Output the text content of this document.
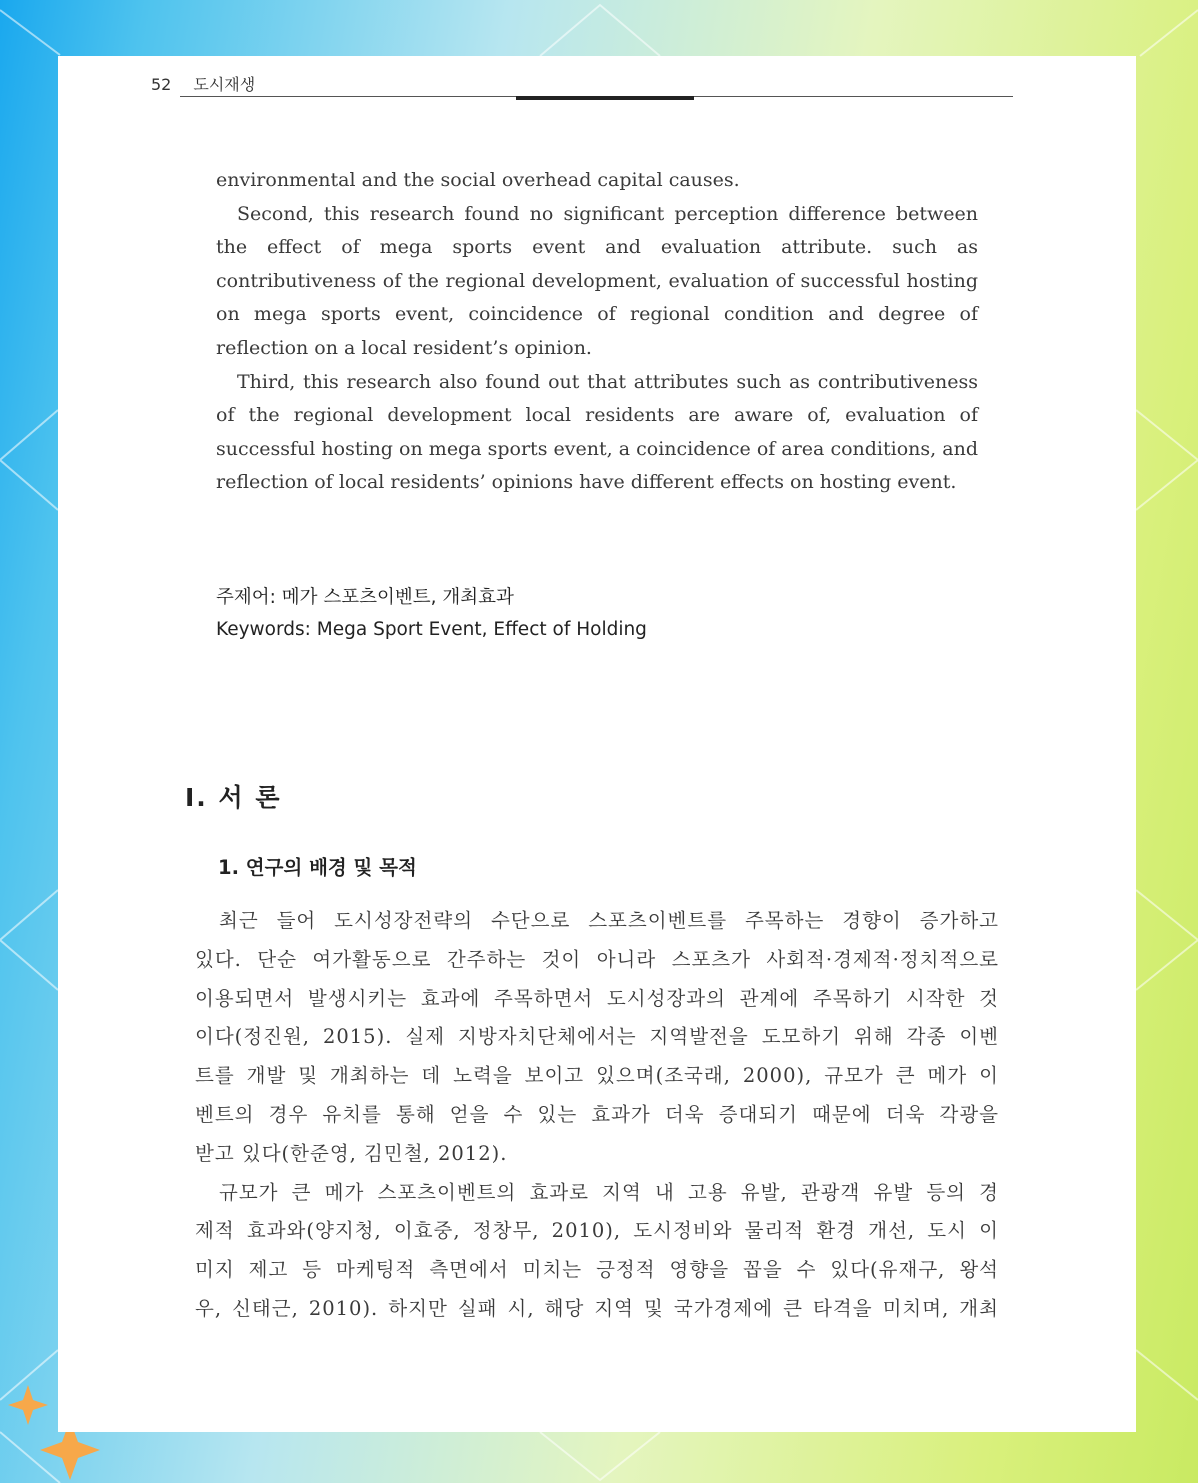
52 도시재생

environmental and the social overhead capital causes.

Second, this research found no significant perception difference between the effect of mega sports event and evaluation attribute. such as contributiveness of the regional development, evaluation of successful hosting on mega sports event, coincidence of regional condition and degree of reflection on a local resident’s opinion.

Third, this research also found out that attributes such as contributiveness of the regional development local residents are aware of, evaluation of successful hosting on mega sports event, a coincidence of area conditions, and reflection of local residents’ opinions have different effects on hosting event.

주제어: 메가 스포츠이벤트, 개최효과
Keywords: Mega Sport Event, Effect of Holding
Ⅰ. 서 론
1. 연구의 배경 및 목적
최근 들어 도시성장전략의 수단으로 스포츠이벤트를 주목하는 경향이 증가하고
있다. 단순 여가활동으로 간주하는 것이 아니라 스포츠가 사회적·경제적·정치적으로
이용되면서 발생시키는 효과에 주목하면서 도시성장과의 관계에 주목하기 시작한 것
이다(정진원, 2015). 실제 지방자치단체에서는 지역발전을 도모하기 위해 각종 이벤
트를 개발 및 개최하는 데 노력을 보이고 있으며(조국래, 2000), 규모가 큰 메가 이
벤트의 경우 유치를 통해 얻을 수 있는 효과가 더욱 증대되기 때문에 더욱 각광을
받고 있다(한준영, 김민철, 2012).
규모가 큰 메가 스포츠이벤트의 효과로 지역 내 고용 유발, 관광객 유발 등의 경
제적 효과와(양지청, 이효중, 정창무, 2010), 도시정비와 물리적 환경 개선, 도시 이
미지 제고 등 마케팅적 측면에서 미치는 긍정적 영향을 꼽을 수 있다(유재구, 왕석
우, 신태근, 2010). 하지만 실패 시, 해당 지역 및 국가경제에 큰 타격을 미치며, 개최
